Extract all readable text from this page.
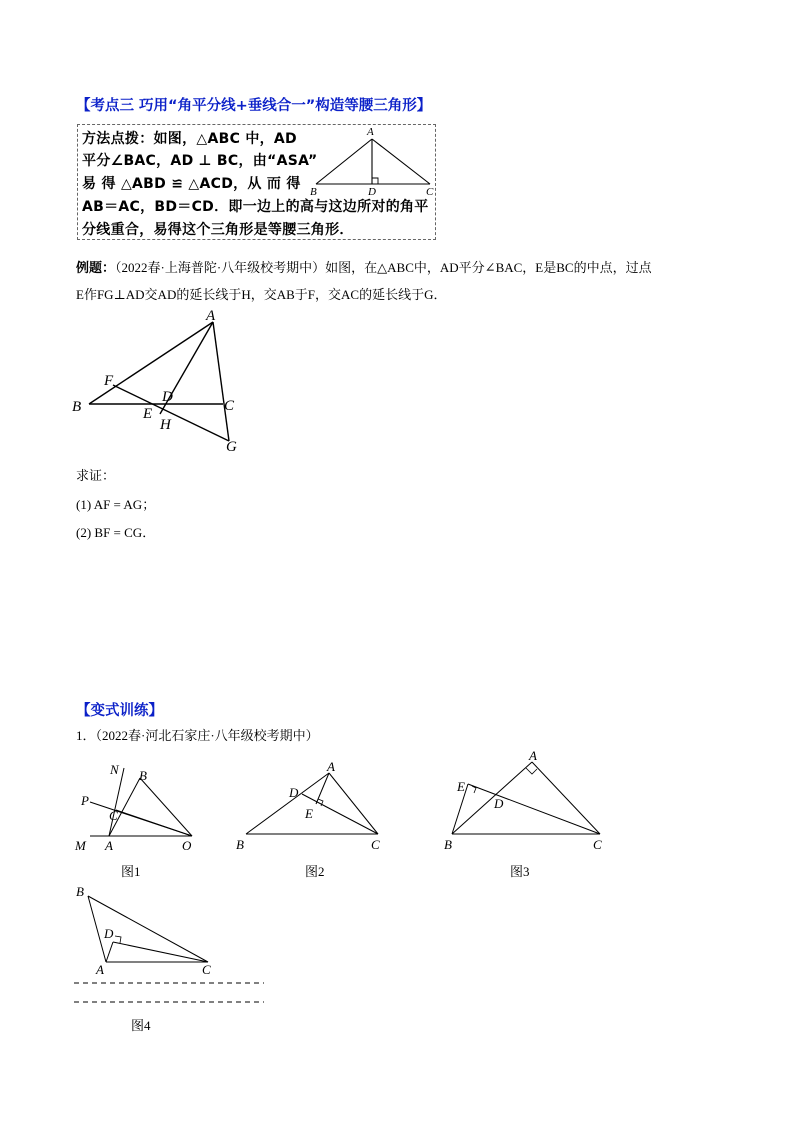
【考点三 巧用“角平分线+垂线合一”构造等腰三角形】
方法点拨：如图，△ABC 中，AD
平分∠BAC，AD ⊥ BC，由“ASA”
易 得 △ABD ≌ △ACD，从 而 得
AB＝AC，BD＝CD．即一边上的高与这边所对的角平
分线重合，易得这个三角形是等腰三角形．
A
B	D	C
例题：（2022春·上海普陀·八年级校考期中）如图，在△ABC中，AD平分∠BAC，E是BC的中点，过点
E作FG⊥AD交AD的延长线于H，交AB于F，交AC的延长线于G．
A
F
B
D
C
E
H
G
求证：
(1) AF = AG；
(2) BF = CG．
【变式训练】
1．（2022春·河北石家庄·八年级校考期中）
N B
P
C
M A	O
图1
A
D
E
B	C
图2
A
E
D
B	C
图3
B
D
A	C
图4
